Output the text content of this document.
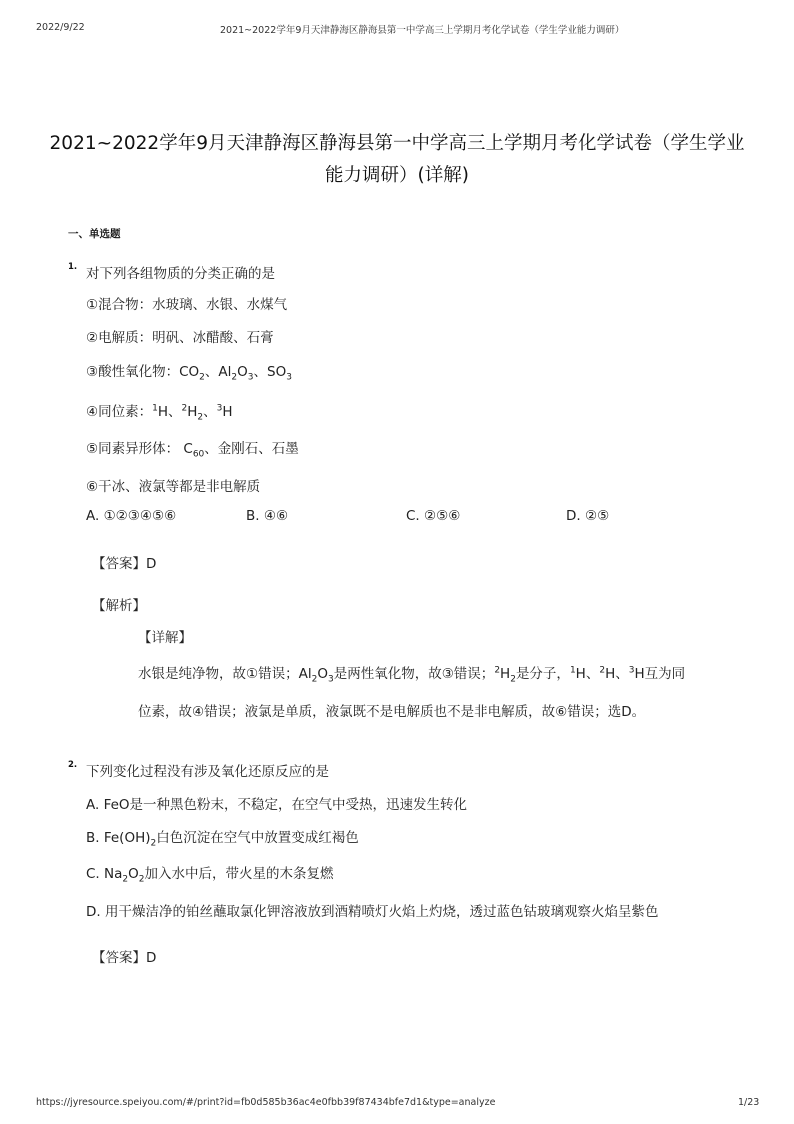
2022/9/22	2021~2022学年9月天津静海区静海县第一中学高三上学期月考化学试卷（学生学业能力调研）
2021~2022学年9月天津静海区静海县第一中学高三上学期月考化学试卷（学生学业
能力调研）(详解)
一、单选题
1. 对下列各组物质的分类正确的是
①混合物：水玻璃、水银、水煤气
②电解质：明矾、冰醋酸、石膏
③酸性氧化物：$CO_2$、$Al_2O_3$、$SO_3$
④同位素：$^1$H、$^2H_2$、$^3$H
⑤同素异形体： $C_{60}$、金刚石、石墨
⑥干冰、液氯等都是非电解质
A. ①②③④⑤⑥	B. ④⑥	C. ②⑤⑥	D. ②⑤
【答案】D
【解析】
【详解】
水银是纯净物，故①错误；$Al_2O_3$是两性氧化物，故③错误；$^2H_2$是分子，$^1$H、$^2$H、$^3$H互为同
位素，故④错误；液氯是单质，液氯既不是电解质也不是非电解质，故⑥错误；选D。
2. 下列变化过程没有涉及氧化还原反应的是
A. FeO是一种黑色粉末，不稳定，在空气中受热，迅速发生转化
B. $Fe(OH)_2$白色沉淀在空气中放置变成红褐色
C. $Na_2O_2$加入水中后，带火星的木条复燃
D. 用干燥洁净的铂丝蘸取氯化钾溶液放到酒精喷灯火焰上灼烧，透过蓝色钴玻璃观察火焰呈紫色
【答案】D
https://jyresource.speiyou.com/#/print?id=fb0d585b36ac4e0fbb39f87434bfe7d1&type=analyze	1/23
